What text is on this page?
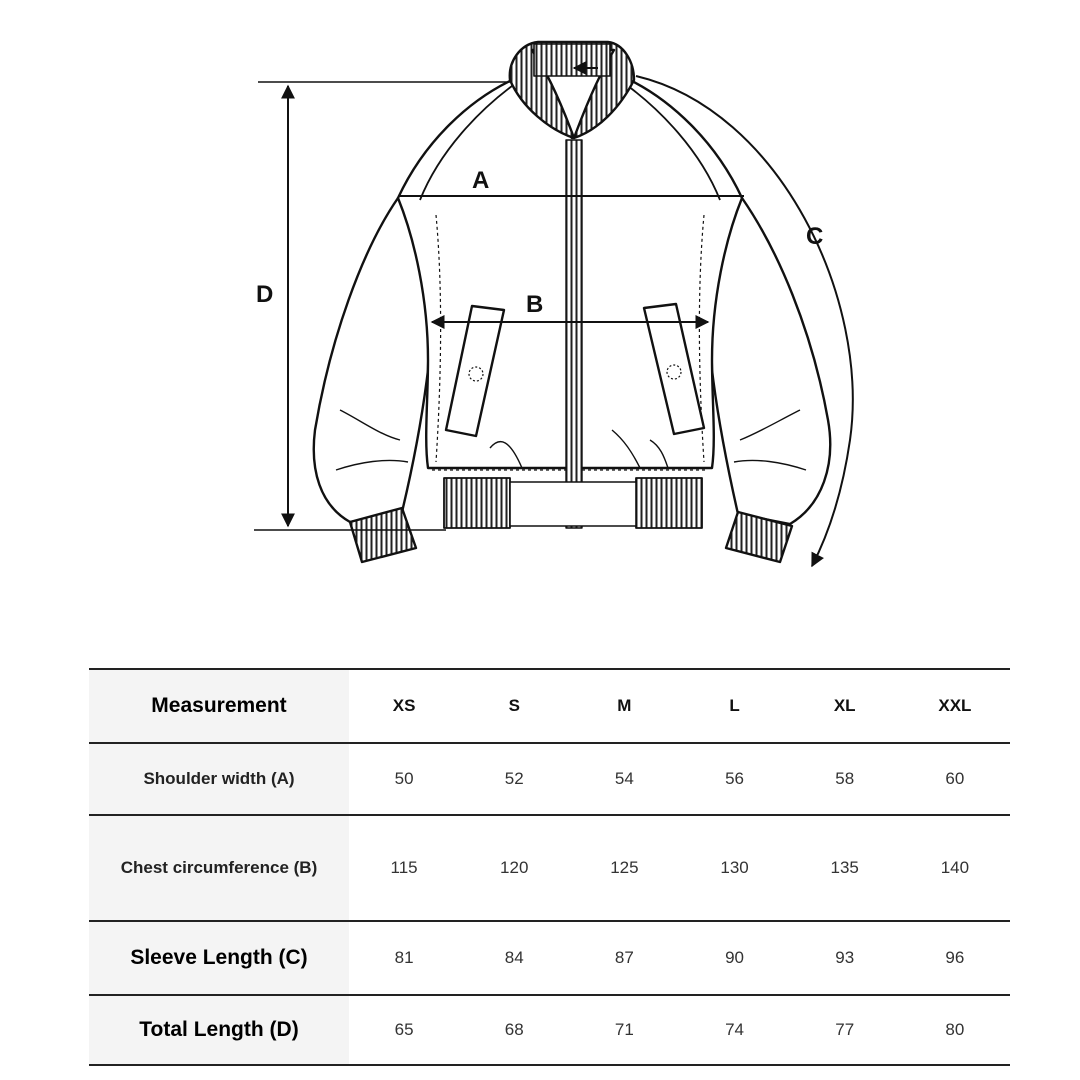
A
B
C
D
Measurement	XS	S	M	L	XL	XXL
Shoulder width (A)	50	52	54	56	58	60
Chest circumference (B)	115	120	125	130	135	140
Sleeve Length (C)	81	84	87	90	93	96
Total Length (D)	65	68	71	74	77	80
